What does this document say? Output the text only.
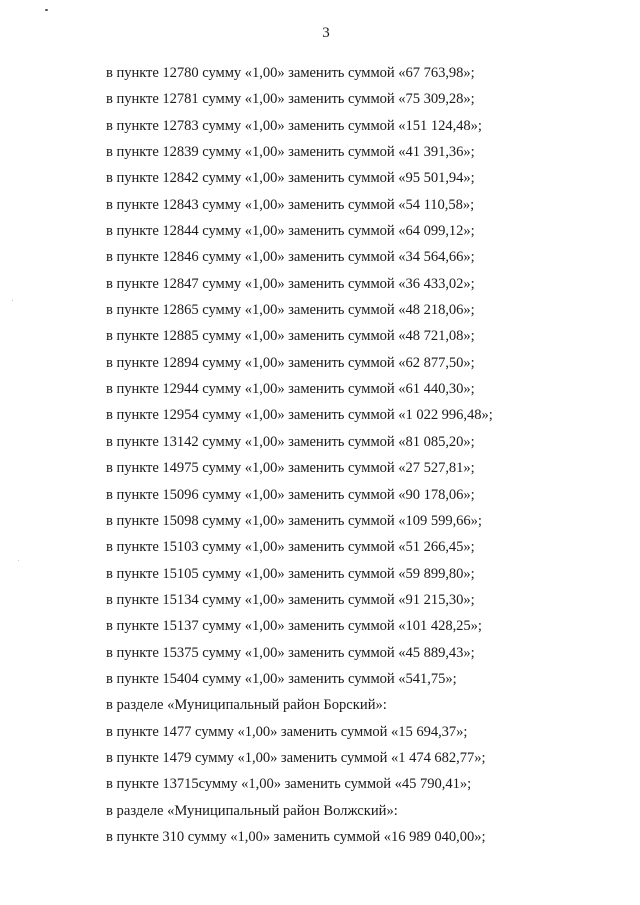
3
в пункте 12780 сумму «1,00» заменить суммой «67 763,98»;
в пункте 12781 сумму «1,00» заменить суммой «75 309,28»;
в пункте 12783 сумму «1,00» заменить суммой «151 124,48»;
в пункте 12839 сумму «1,00» заменить суммой «41 391,36»;
в пункте 12842 сумму «1,00» заменить суммой «95 501,94»;
в пункте 12843 сумму «1,00» заменить суммой «54 110,58»;
в пункте 12844 сумму «1,00» заменить суммой «64 099,12»;
в пункте 12846 сумму «1,00» заменить суммой «34 564,66»;
в пункте 12847 сумму «1,00» заменить суммой «36 433,02»;
в пункте 12865 сумму «1,00» заменить суммой «48 218,06»;
в пункте 12885 сумму «1,00» заменить суммой «48 721,08»;
в пункте 12894 сумму «1,00» заменить суммой «62 877,50»;
в пункте 12944 сумму «1,00» заменить суммой «61 440,30»;
в пункте 12954 сумму «1,00» заменить суммой «1 022 996,48»;
в пункте 13142 сумму «1,00» заменить суммой «81 085,20»;
в пункте 14975 сумму «1,00» заменить суммой «27 527,81»;
в пункте 15096 сумму «1,00» заменить суммой «90 178,06»;
в пункте 15098 сумму «1,00» заменить суммой «109 599,66»;
в пункте 15103 сумму «1,00» заменить суммой «51 266,45»;
в пункте 15105 сумму «1,00» заменить суммой «59 899,80»;
в пункте 15134 сумму «1,00» заменить суммой «91 215,30»;
в пункте 15137 сумму «1,00» заменить суммой «101 428,25»;
в пункте 15375 сумму «1,00» заменить суммой «45 889,43»;
в пункте 15404 сумму «1,00» заменить суммой «541,75»;
в разделе «Муниципальный район Борский»:
в пункте 1477 сумму «1,00» заменить суммой «15 694,37»;
в пункте 1479 сумму «1,00» заменить суммой «1 474 682,77»;
в пункте 13715сумму «1,00» заменить суммой «45 790,41»;
в разделе «Муниципальный район Волжский»:
в пункте 310 сумму «1,00» заменить суммой «16 989 040,00»;
